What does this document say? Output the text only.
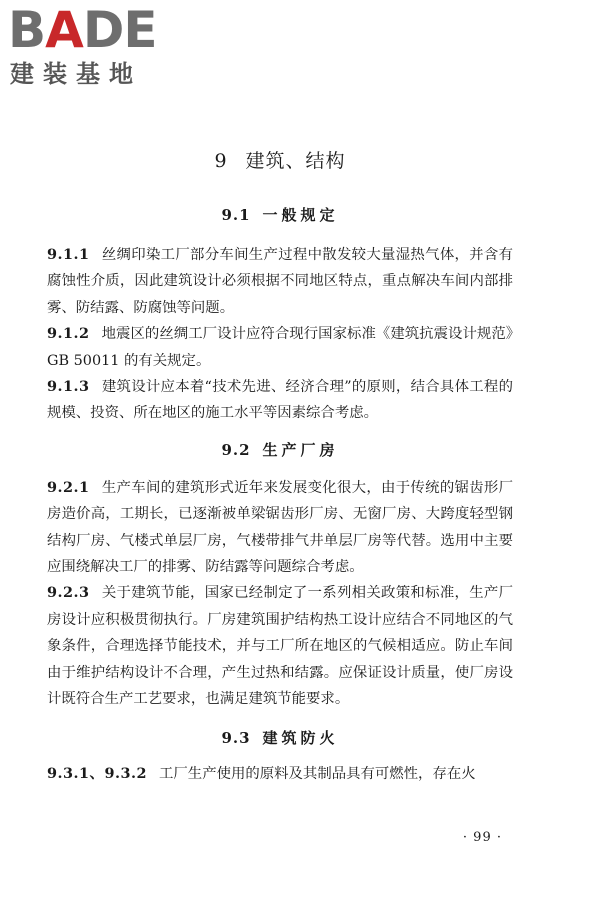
BADE
建装基地
9 建筑、结构
9.1 一般规定

9.1.1 丝绸印染工厂部分车间生产过程中散发较大量湿热气体，并含有腐蚀性介质，因此建筑设计必须根据不同地区特点，重点解决车间内部排雾、防结露、防腐蚀等问题。

9.1.2 地震区的丝绸工厂设计应符合现行国家标准《建筑抗震设计规范》GB 50011 的有关规定。

9.1.3 建筑设计应本着“技术先进、经济合理”的原则，结合具体工程的规模、投资、所在地区的施工水平等因素综合考虑。

9.2 生产厂房

9.2.1 生产车间的建筑形式近年来发展变化很大，由于传统的锯齿形厂房造价高，工期长，已逐渐被单梁锯齿形厂房、无窗厂房、大跨度轻型钢结构厂房、气楼式单层厂房，气楼带排气井单层厂房等代替。选用中主要应围绕解决工厂的排雾、防结露等问题综合考虑。

9.2.3 关于建筑节能，国家已经制定了一系列相关政策和标准，生产厂房设计应积极贯彻执行。厂房建筑围护结构热工设计应结合不同地区的气象条件，合理选择节能技术，并与工厂所在地区的气候相适应。防止车间由于维护结构设计不合理，产生过热和结露。应保证设计质量，使厂房设计既符合生产工艺要求，也满足建筑节能要求。

9.3 建筑防火

9.3.1、9.3.2 工厂生产使用的原料及其制品具有可燃性，存在火

· 99 ·
